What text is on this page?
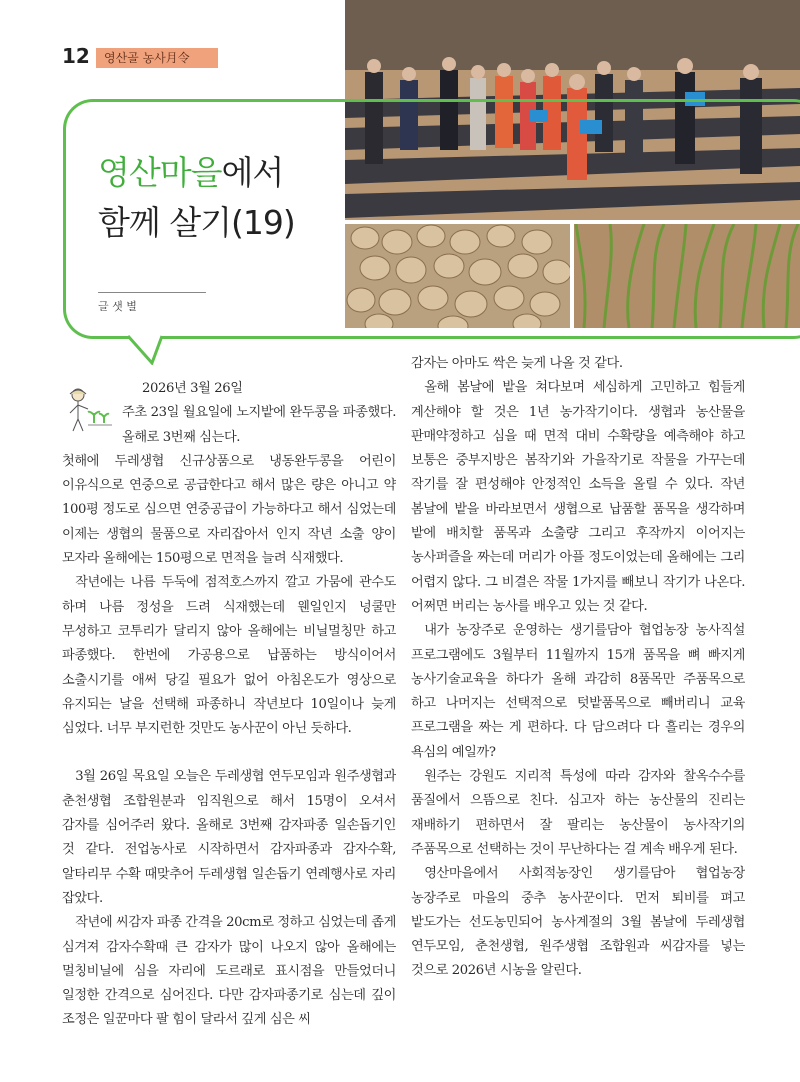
12	영산골 농사月令
영산마을에서
함께 살기(19)
글 샛 별

2026년 3월 26일

주초 23일 월요일에 노지밭에 완두콩을 파종했다. 올해로 3번째 심는다.

첫해에 두레생협 신규상품으로 냉동완두콩을 어린이 이유식으로 연중으로 공급한다고 해서 많은 량은 아니고 약 100평 정도로 심으면 연중공급이 가능하다고 해서 심었는데 이제는 생협의 물품으로 자리잡아서 인지 작년 소출 양이 모자라 올해에는 150평으로 면적을 늘려 식재했다.

작년에는 나름 두둑에 점적호스까지 깔고 가뭄에 관수도 하며 나름 정성을 드려 식재했는데 웬일인지 넝쿨만 무성하고 코투리가 달리지 않아 올해에는 비닐멀칭만 하고 파종했다. 한번에 가공용으로 납품하는 방식이어서 소출시기를 애써 당길 필요가 없어 아침온도가 영상으로 유지되는 날을 선택해 파종하니 작년보다 10일이나 늦게 심었다. 너무 부지런한 것만도 농사꾼이 아닌 듯하다.

3월 26일 목요일 오늘은 두레생협 연두모임과 원주생협과 춘천생협 조합원분과 임직원으로 해서 15명이 오셔서 감자를 심어주러 왔다. 올해로 3번째 감자파종 일손돕기인 것 같다. 전업농사로 시작하면서 감자파종과 감자수확, 알타리무 수확 때맞추어 두레생협 일손돕기 연례행사로 자리 잡았다.

작년에 씨감자 파종 간격을 20cm로 정하고 심었는데 좁게 심겨져 감자수확때 큰 감자가 많이 나오지 않아 올해에는 멀칭비닐에 심을 자리에 도르래로 표시점을 만들었더니 일정한 간격으로 심어진다. 다만 감자파종기로 심는데 깊이 조정은 일꾼마다 팔 힘이 달라서 깊게 심은 씨

감자는 아마도 싹은 늦게 나올 것 같다.

올해 봄날에 밭을 쳐다보며 세심하게 고민하고 힘들게 계산해야 할 것은 1년 농가작기이다. 생협과 농산물을 판매약정하고 심을 때 면적 대비 수확량을 예측해야 하고 보통은 중부지방은 봄작기와 가을작기로 작물을 가꾸는데 작기를 잘 편성해야 안정적인 소득을 올릴 수 있다. 작년 봄날에 밭을 바라보면서 생협으로 납품할 품목을 생각하며 밭에 배치할 품목과 소출량 그리고 후작까지 이어지는 농사퍼즐을 짜는데 머리가 아플 정도이었는데 올해에는 그리 어렵지 않다. 그 비결은 작물 1가지를 빼보니 작기가 나온다. 어쩌면 버리는 농사를 배우고 있는 것 같다.

내가 농장주로 운영하는 생기를담아 협업농장 농사직설 프로그램에도 3월부터 11월까지 15개 품목을 뼈 빠지게 농사기술교육을 하다가 올해 과감히 8품목만 주품목으로 하고 나머지는 선택적으로 텃밭품목으로 빼버리니 교육 프로그램을 짜는 게 편하다. 다 담으려다 다 흘리는 경우의 욕심의 예일까?

원주는 강원도 지리적 특성에 따라 감자와 찰옥수수를 품질에서 으뜸으로 친다. 심고자 하는 농산물의 진리는 재배하기 편하면서 잘 팔리는 농산물이 농사작기의 주품목으로 선택하는 것이 무난하다는 걸 계속 배우게 된다.

영산마을에서 사회적농장인 생기를담아 협업농장 농장주로 마을의 중추 농사꾼이다. 먼저 퇴비를 펴고 밭도가는 선도농민되어 농사계절의 3월 봄날에 두레생협 연두모임, 춘천생협, 원주생협 조합원과 씨감자를 넣는 것으로 2026년 시농을 알린다.
